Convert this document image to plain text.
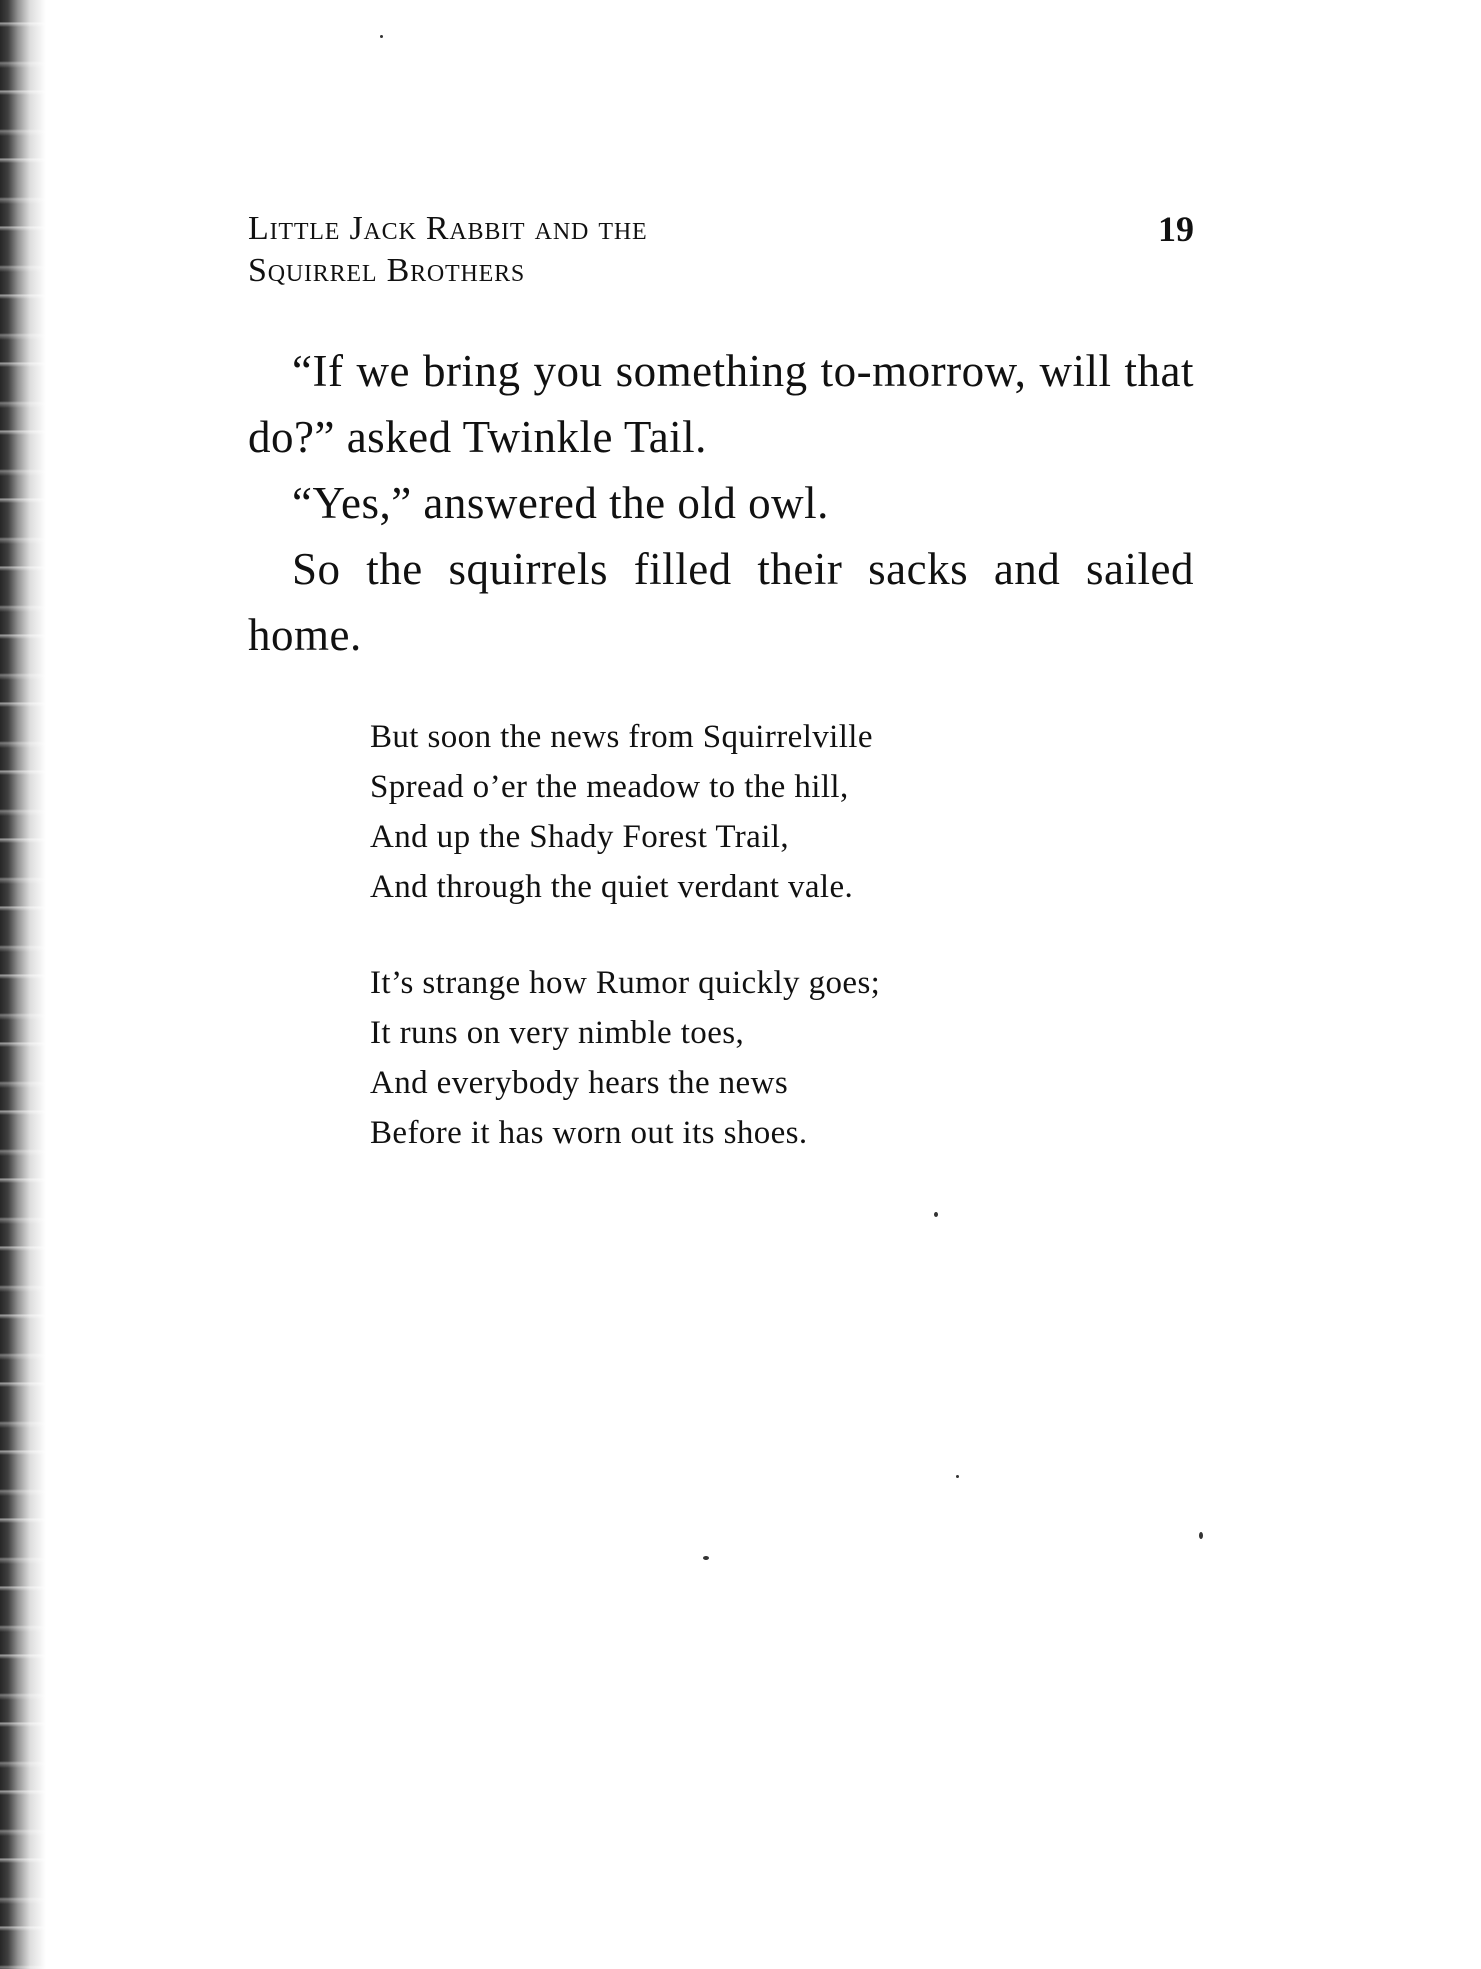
Little Jack Rabbit and the
Squirrel Brothers
19

“If we bring you something to-morrow, will that do?” asked Twinkle Tail.

“Yes,” answered the old owl.

So the squirrels filled their sacks and sailed home.

But soon the news from Squirrelville
Spread o’er the meadow to the hill,
And up the Shady Forest Trail,
And through the quiet verdant vale.
It’s strange how Rumor quickly goes;
It runs on very nimble toes,
And everybody hears the news
Before it has worn out its shoes.
